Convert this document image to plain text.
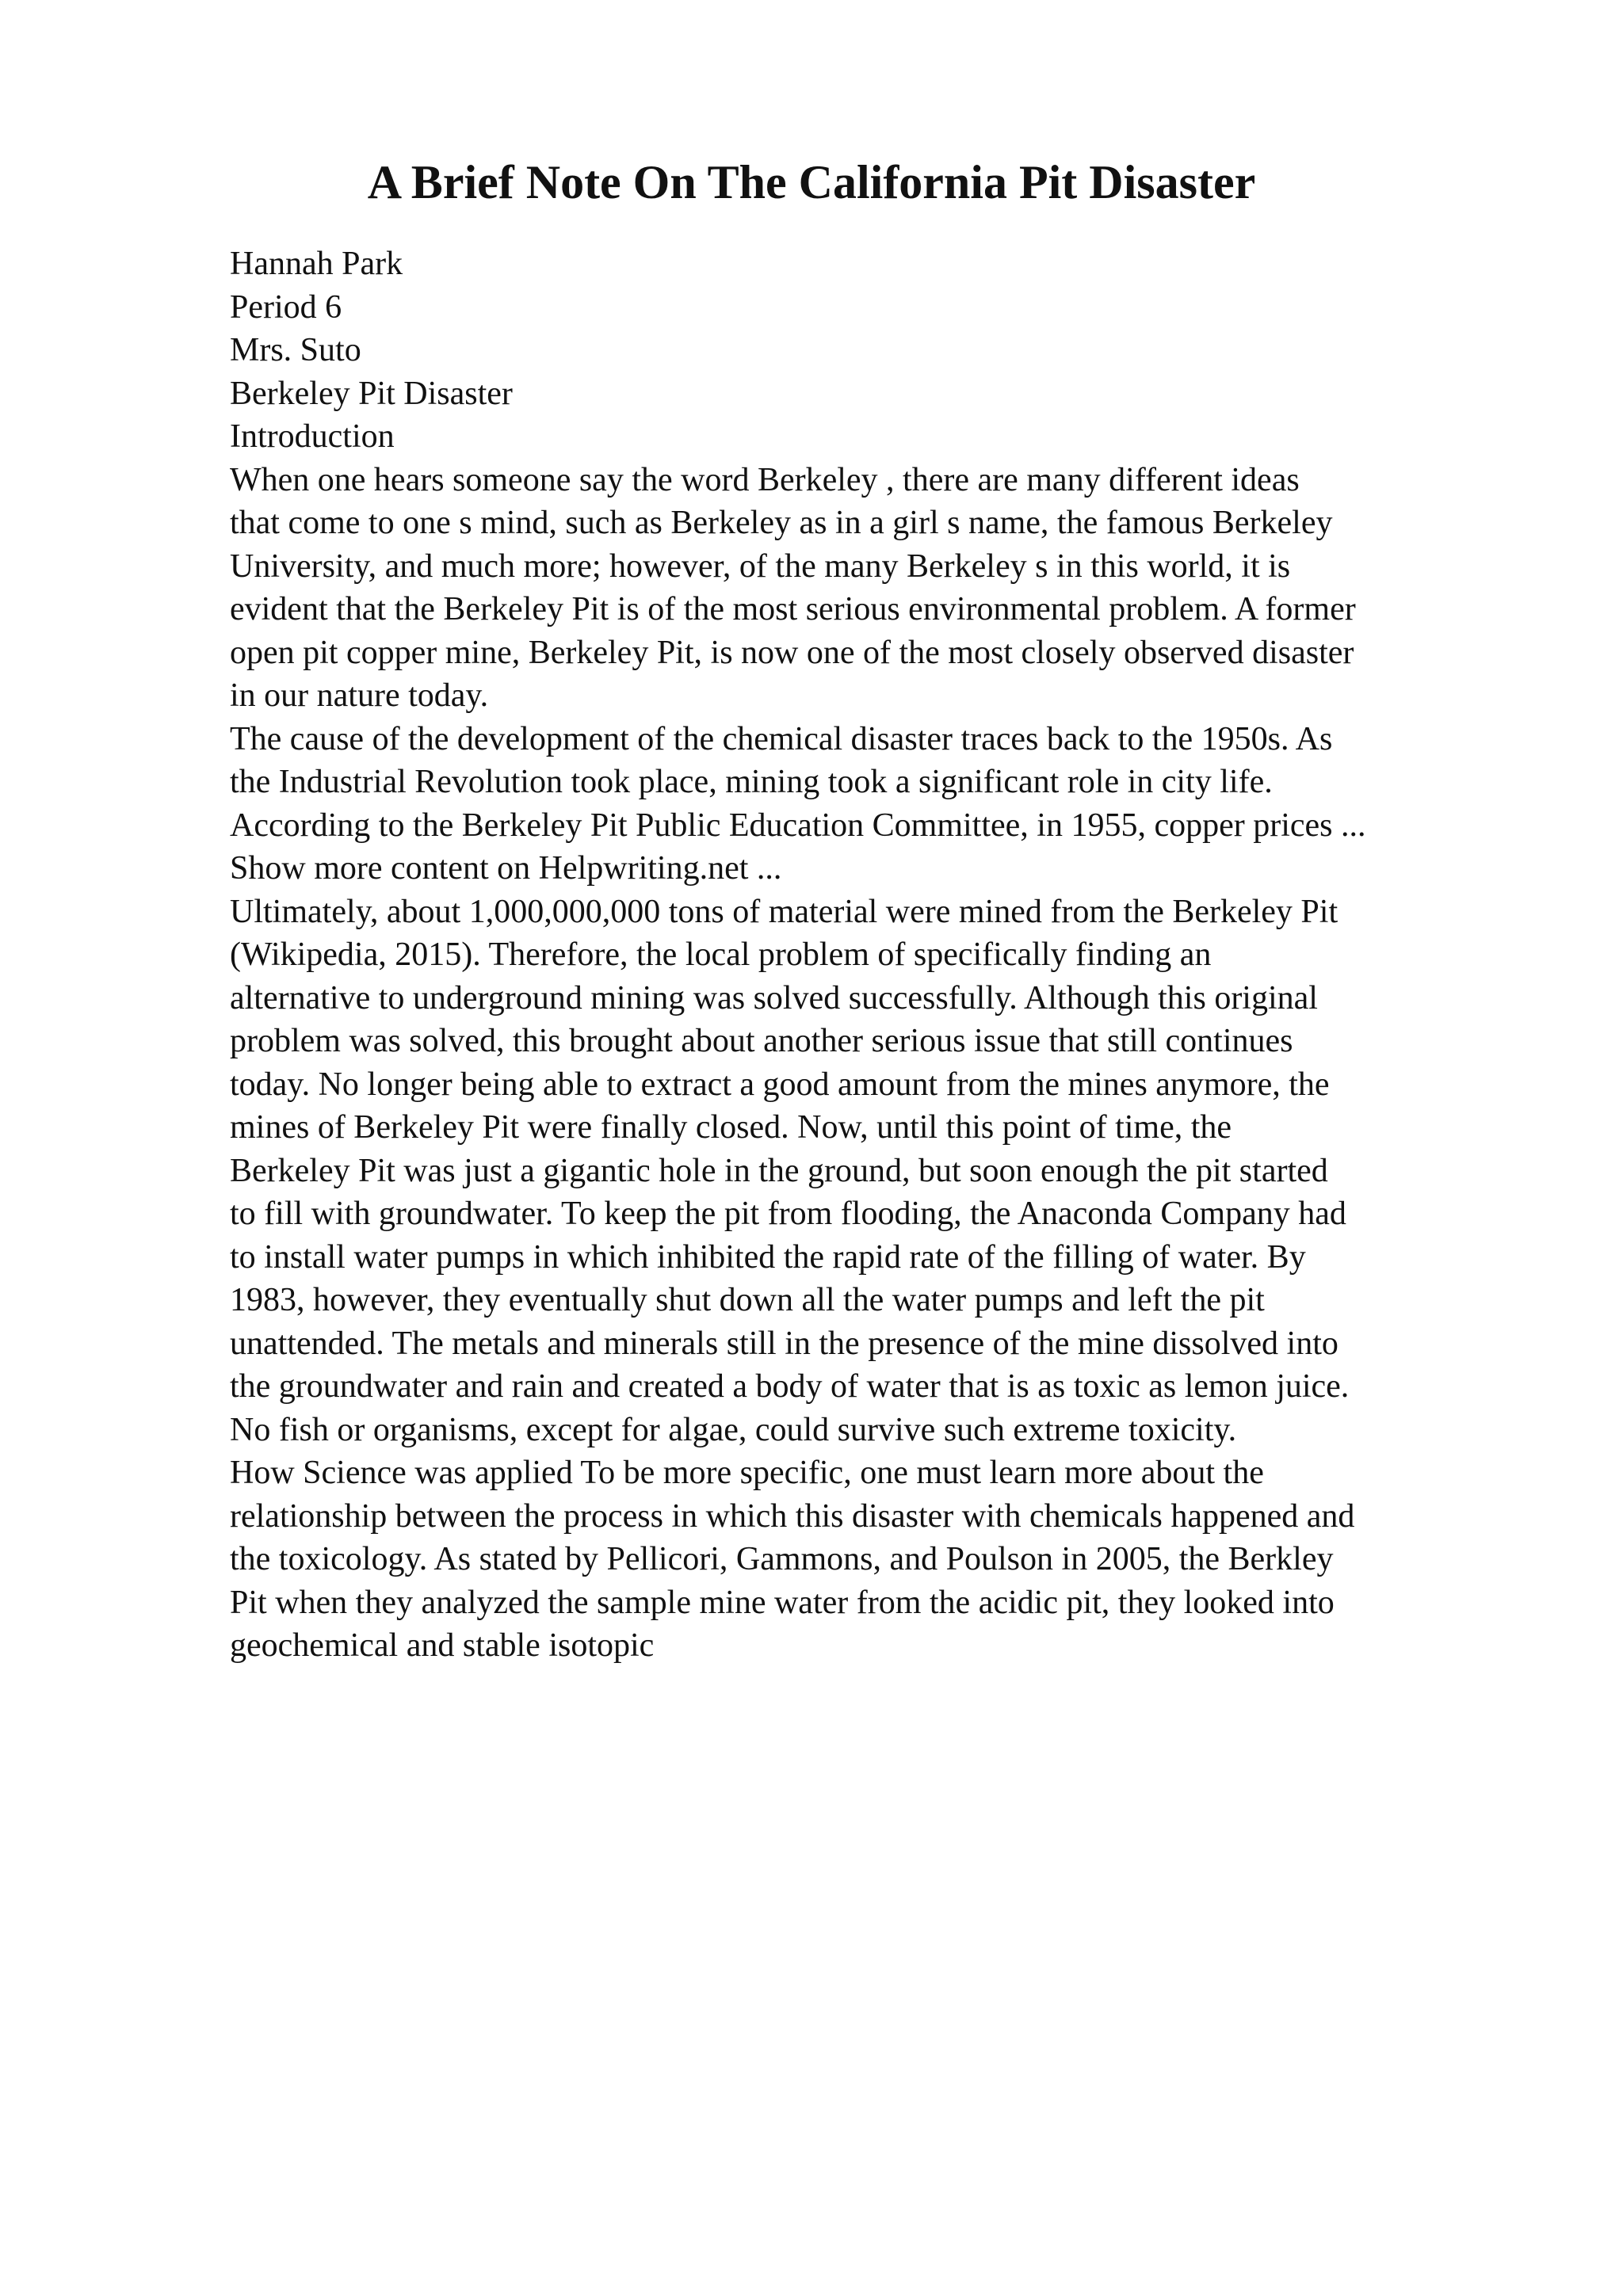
A Brief Note On The California Pit Disaster
Hannah Park
Period 6
Mrs. Suto
Berkeley Pit Disaster
Introduction
When one hears someone say the word Berkeley , there are many different ideas
that come to one s mind, such as Berkeley as in a girl s name, the famous Berkeley
University, and much more; however, of the many Berkeley s in this world, it is
evident that the Berkeley Pit is of the most serious environmental problem. A former
open pit copper mine, Berkeley Pit, is now one of the most closely observed disaster
in our nature today.
The cause of the development of the chemical disaster traces back to the 1950s. As
the Industrial Revolution took place, mining took a significant role in city life.
According to the Berkeley Pit Public Education Committee, in 1955, copper prices ...
Show more content on Helpwriting.net ...
Ultimately, about 1,000,000,000 tons of material were mined from the Berkeley Pit
(Wikipedia, 2015). Therefore, the local problem of specifically finding an
alternative to underground mining was solved successfully. Although this original
problem was solved, this brought about another serious issue that still continues
today. No longer being able to extract a good amount from the mines anymore, the
mines of Berkeley Pit were finally closed. Now, until this point of time, the
Berkeley Pit was just a gigantic hole in the ground, but soon enough the pit started
to fill with groundwater. To keep the pit from flooding, the Anaconda Company had
to install water pumps in which inhibited the rapid rate of the filling of water. By
1983, however, they eventually shut down all the water pumps and left the pit
unattended. The metals and minerals still in the presence of the mine dissolved into
the groundwater and rain and created a body of water that is as toxic as lemon juice.
No fish or organisms, except for algae, could survive such extreme toxicity.
How Science was applied To be more specific, one must learn more about the
relationship between the process in which this disaster with chemicals happened and
the toxicology. As stated by Pellicori, Gammons, and Poulson in 2005, the Berkley
Pit when they analyzed the sample mine water from the acidic pit, they looked into
geochemical and stable isotopic
